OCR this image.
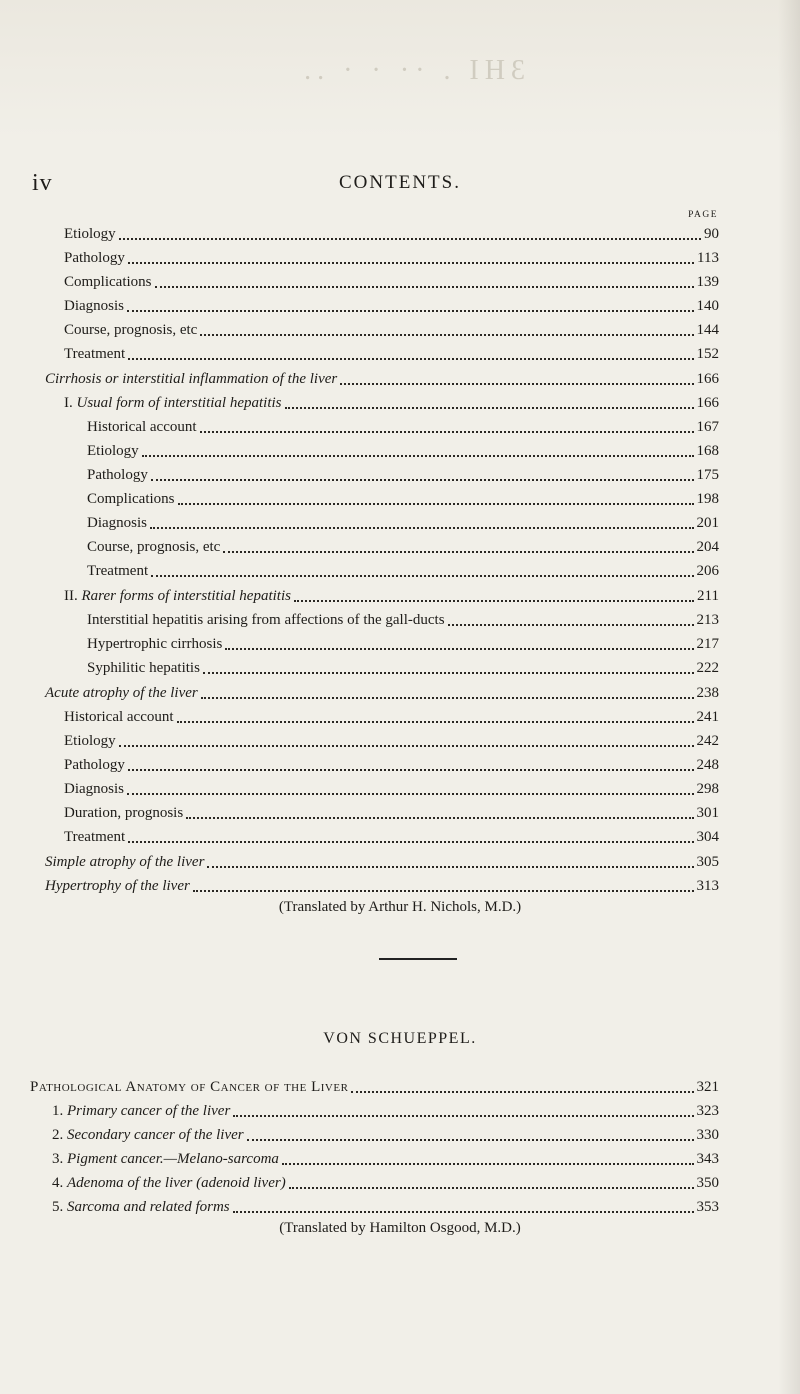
3HI . ·· · · ..
iv	CONTENTS.
PAGE
Etiology	90
Pathology	113
Complications	139
Diagnosis	140
Course, prognosis, etc	144
Treatment	152
Cirrhosis or interstitial inflammation of the liver	166
I. Usual form of interstitial hepatitis	166
Historical account	167
Etiology	168
Pathology	175
Complications	198
Diagnosis	201
Course, prognosis, etc	204
Treatment	206
II. Rarer forms of interstitial hepatitis	211
Interstitial hepatitis arising from affections of the gall-ducts	213
Hypertrophic cirrhosis	217
Syphilitic hepatitis	222
Acute atrophy of the liver	238
Historical account	241
Etiology	242
Pathology	248
Diagnosis	298
Duration, prognosis	301
Treatment	304
Simple atrophy of the liver	305
Hypertrophy of the liver	313
(Translated by Arthur H. Nichols, M.D.)
VON SCHUEPPEL.
Pathological Anatomy of Cancer of the Liver	321
1. Primary cancer of the liver	323
2. Secondary cancer of the liver	330
3. Pigment cancer.—Melano-sarcoma	343
4. Adenoma of the liver (adenoid liver)	350
5. Sarcoma and related forms	353
(Translated by Hamilton Osgood, M.D.)
